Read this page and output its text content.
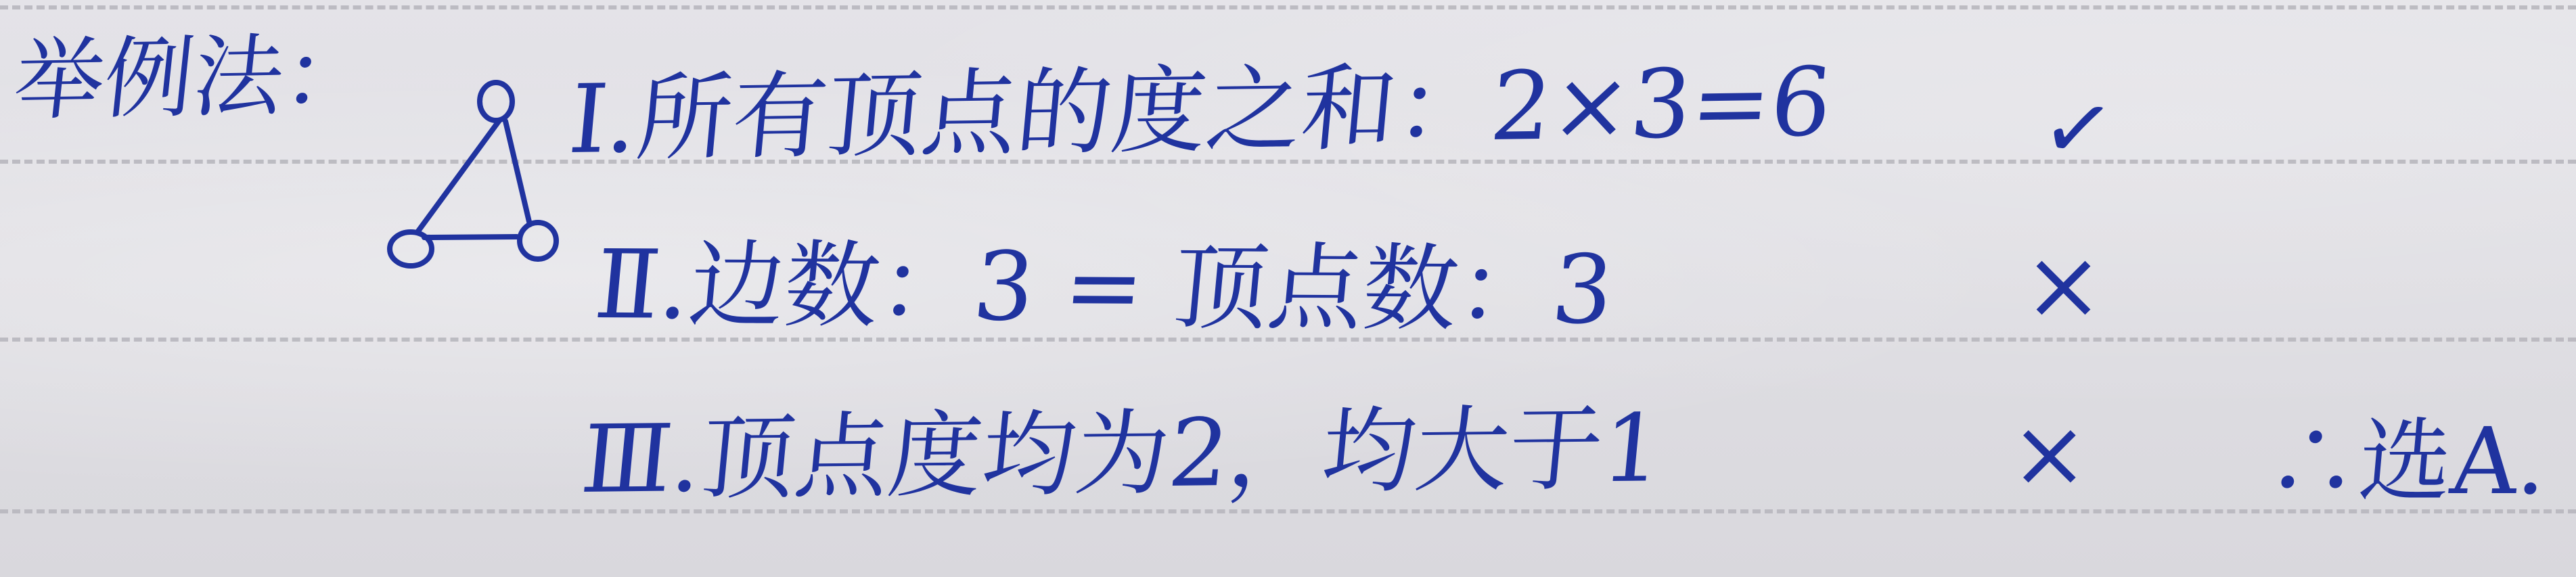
举例法： Ⅰ.所有顶点的度之和：2×3=6
Ⅱ.边数：3 = 顶点数：3
Ⅲ.顶点度均为2，均大于1
✓
×
× ∴选A.
